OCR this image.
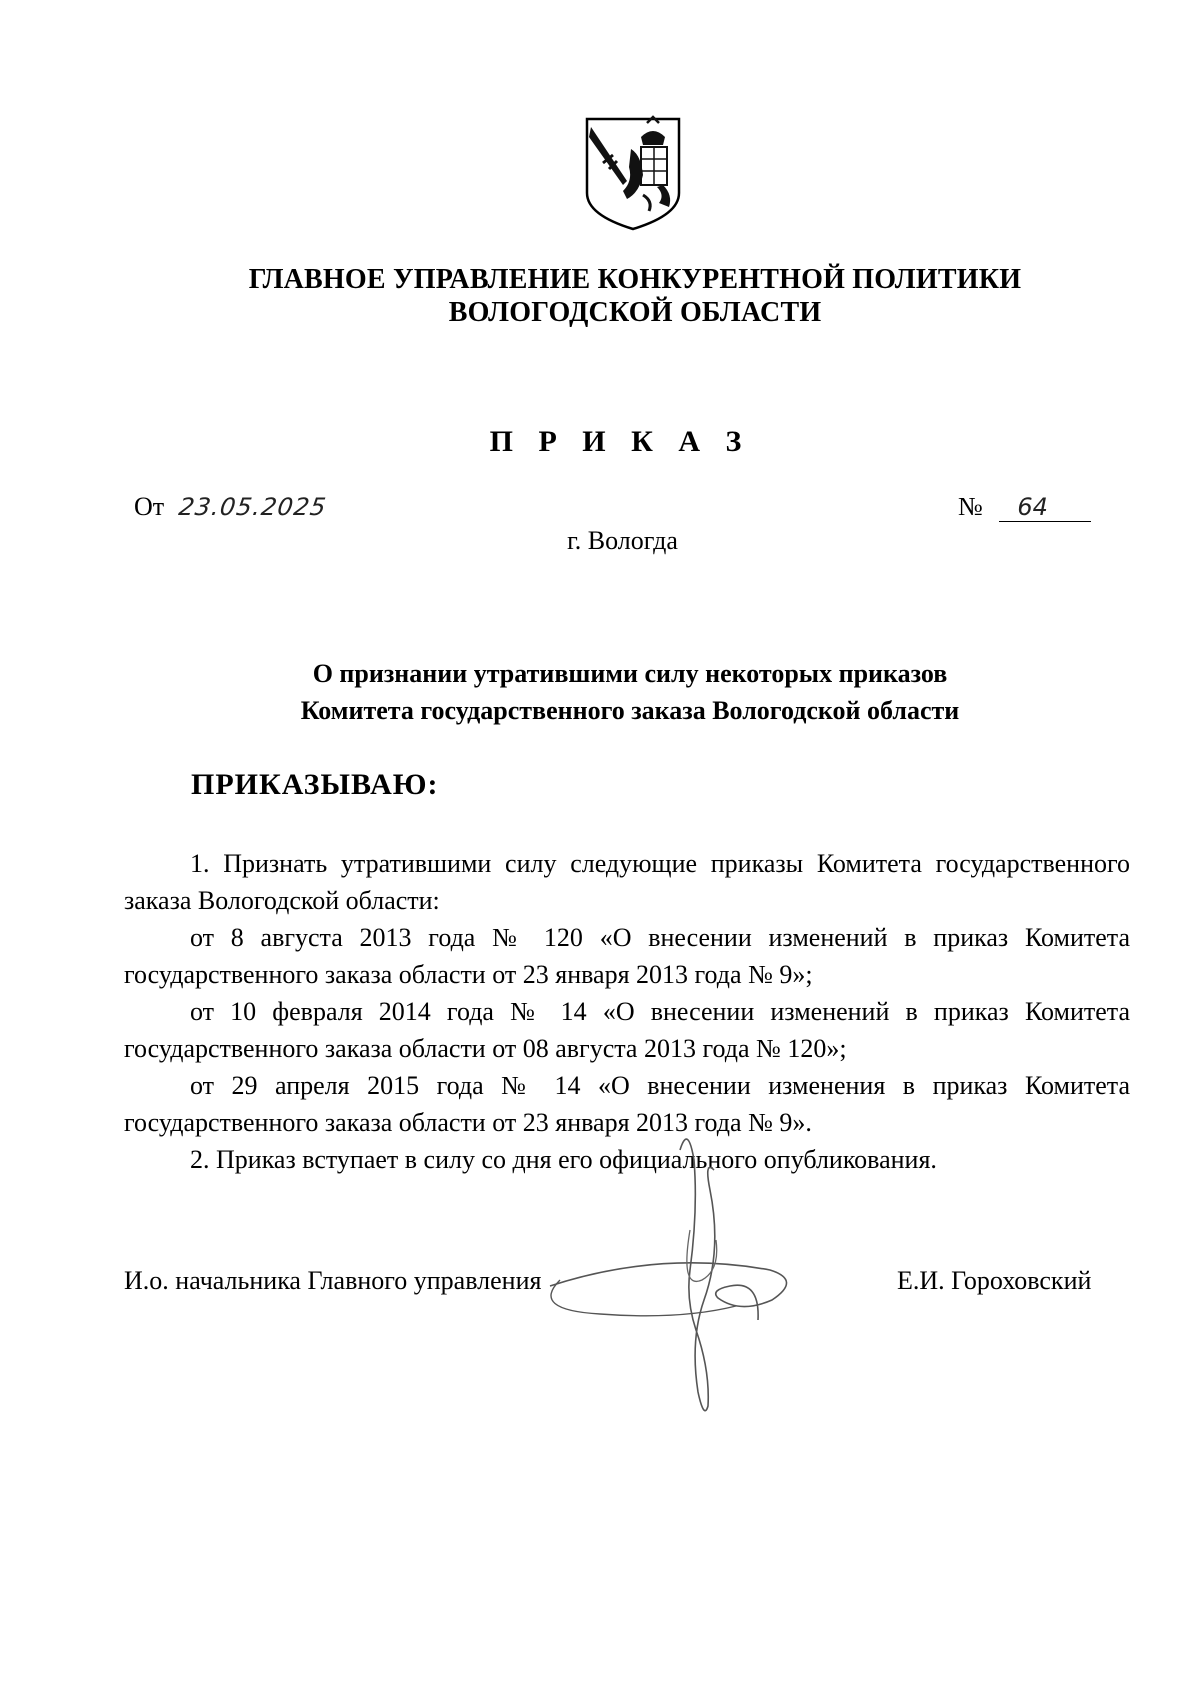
ГЛАВНОЕ УПРАВЛЕНИЕ КОНКУРЕНТНОЙ ПОЛИТИКИ
ВОЛОГОДСКОЙ ОБЛАСТИ
П Р И К А З
От 23.05.2025	№ 64
г. Вологда
О признании утратившими силу некоторых приказов
Комитета государственного заказа Вологодской области
ПРИКАЗЫВАЮ:

1. Признать утратившими силу следующие приказы Комитета государственного заказа Вологодской области:

от 8 августа 2013 года № 120 «О внесении изменений в приказ Комитета государственного заказа области от 23 января 2013 года № 9»;

от 10 февраля 2014 года № 14 «О внесении изменений в приказ Комитета государственного заказа области от 08 августа 2013 года № 120»;

от 29 апреля 2015 года № 14 «О внесении изменения в приказ Комитета государственного заказа области от 23 января 2013 года № 9».

2. Приказ вступает в силу со дня его официального опубликования.

И.о. начальника Главного управления	Е.И. Гороховский
